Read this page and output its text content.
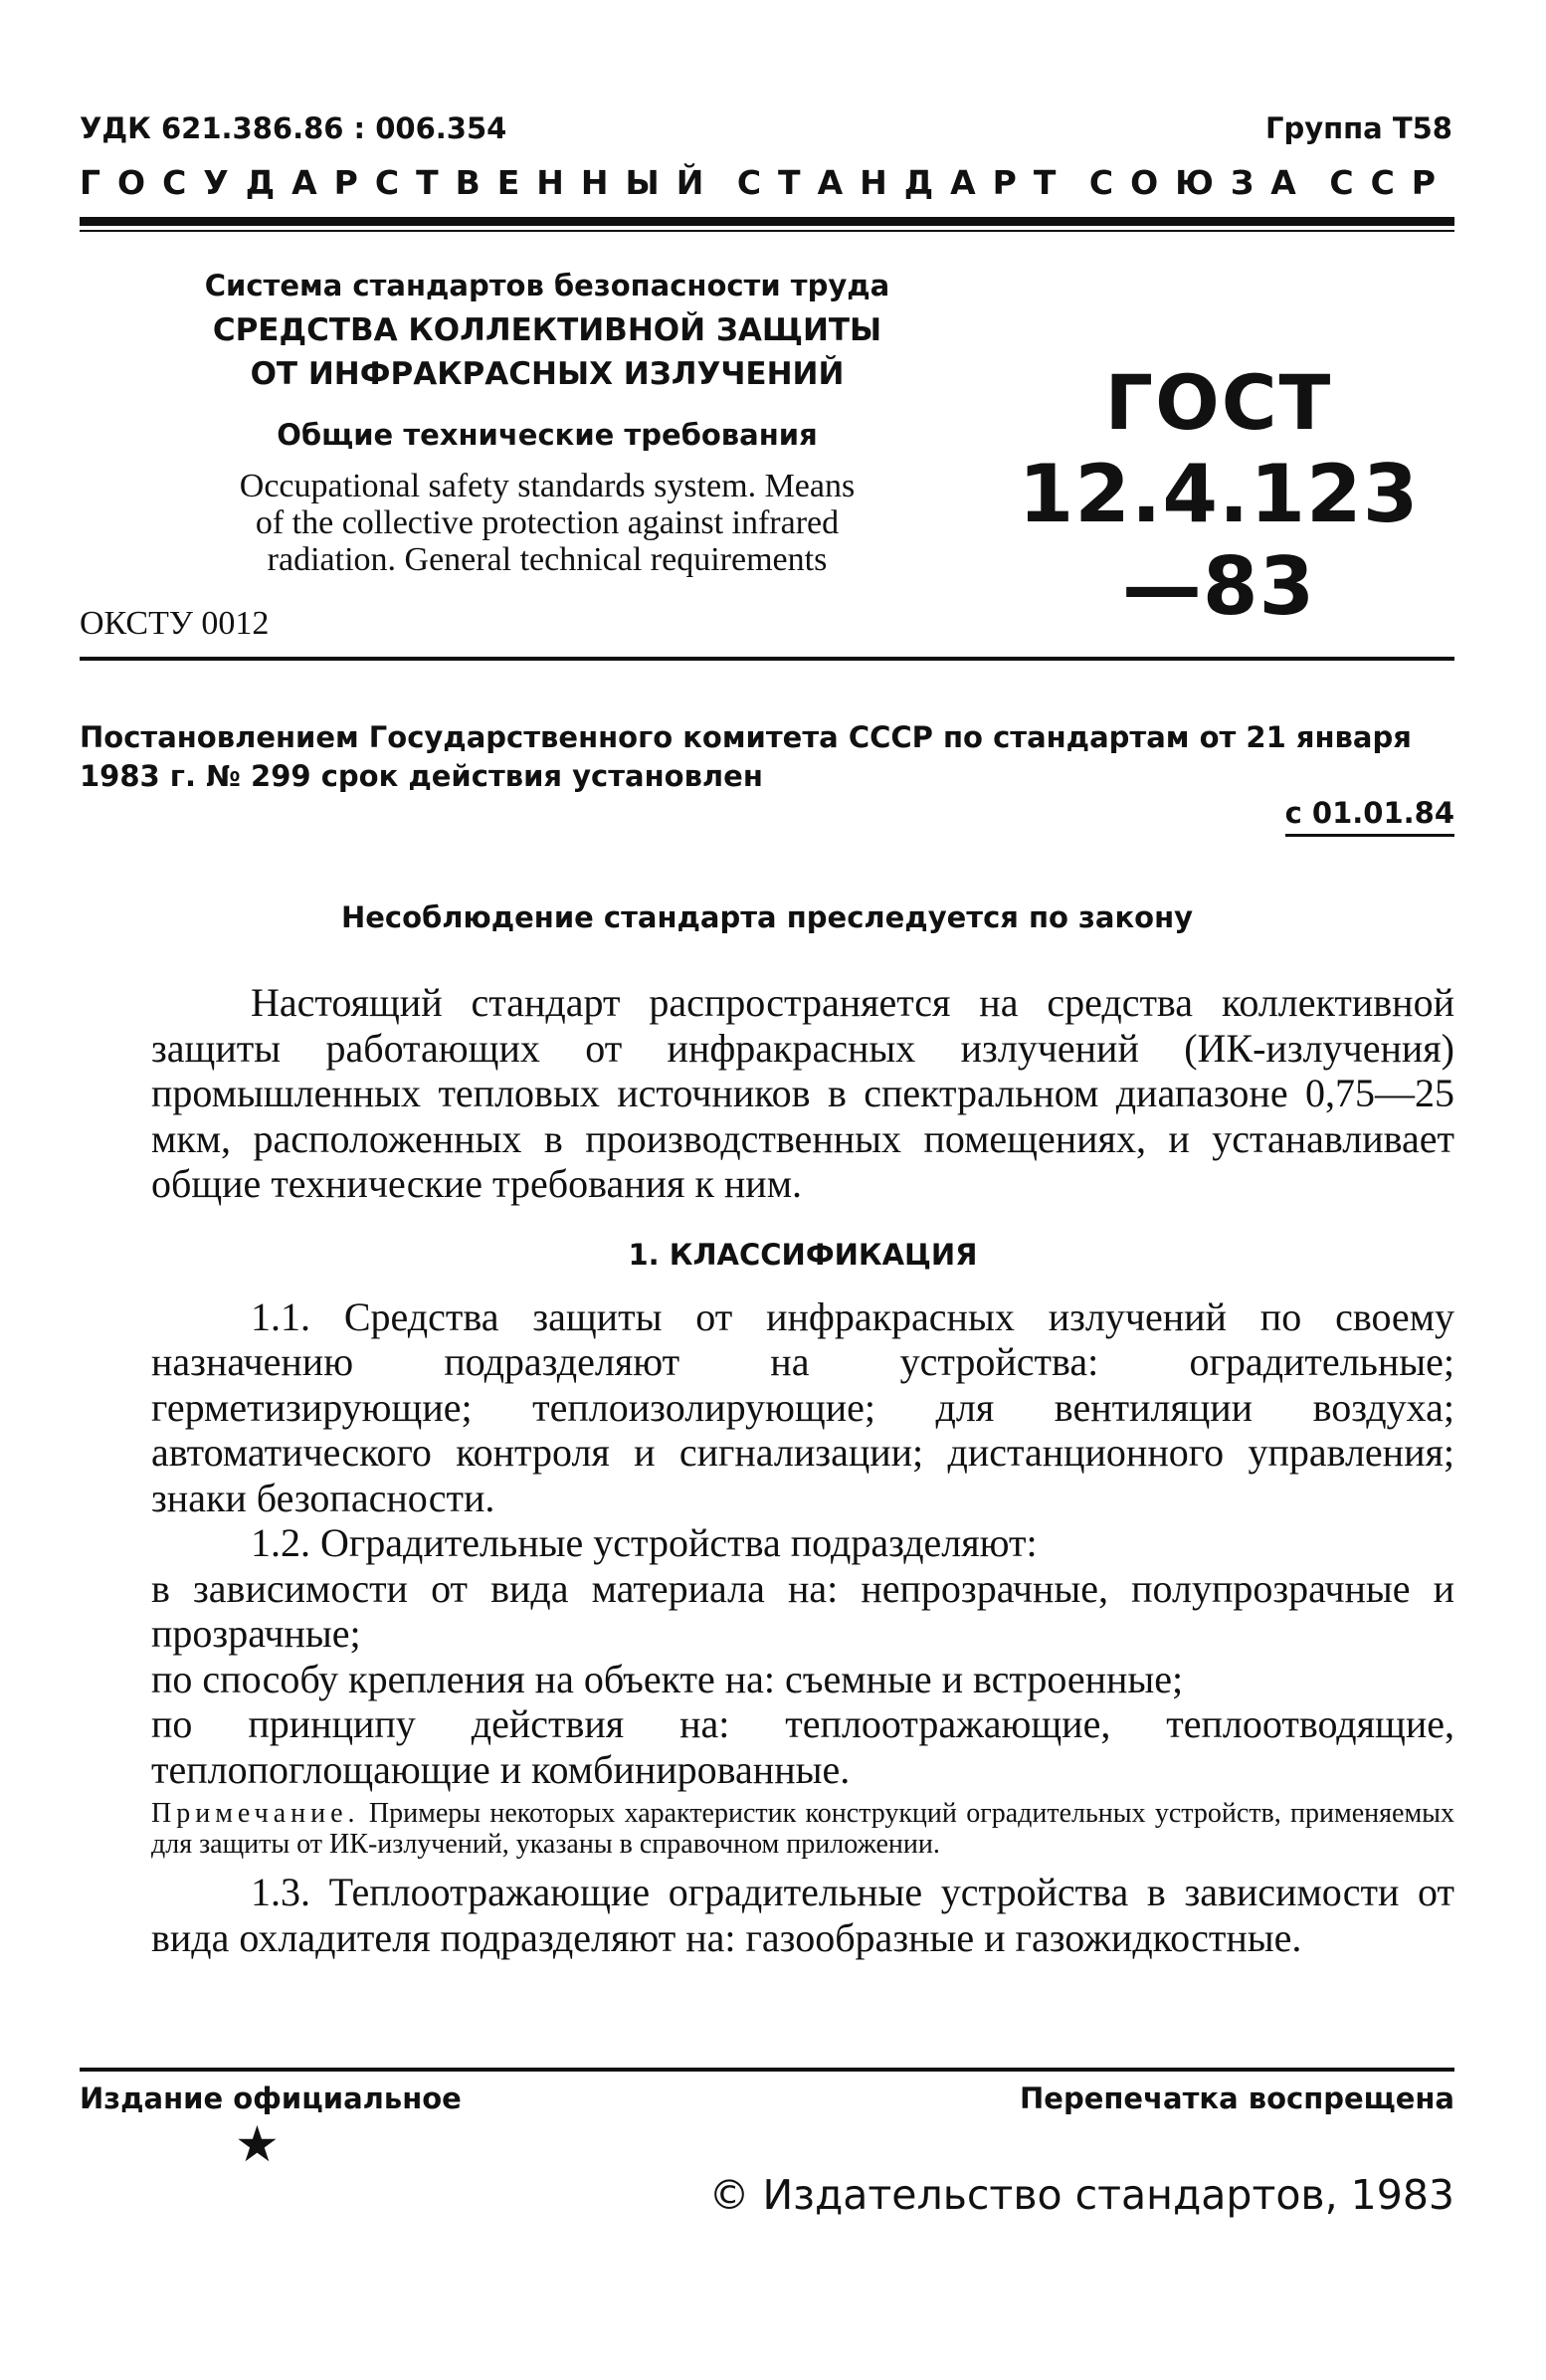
УДК 621.386.86 : 006.354	Группа Т58
ГОСУДАРСТВЕННЫЙ СТАНДАРТ СОЮЗА ССР

Система стандартов безопасности труда

СРЕДСТВА КОЛЛЕКТИВНОЙ ЗАЩИТЫ

ОТ ИНФРАКРАСНЫХ ИЗЛУЧЕНИЙ

Общие технические требования

Occupational safety standards system. Means

of the collective protection against infrared

radiation. General technical requirements

ГОСТ
12.4.123—83
ОКСТУ 0012
Постановлением Государственного комитета СССР по стандартам от 21 января
1983 г. № 299 срок действия установлен
с 01.01.84
Несоблюдение стандарта преследуется по закону

Настоящий стандарт распространяется на средства коллективной защиты работающих от инфракрасных излучений (ИК-излучения) промышленных тепловых источников в спектральном диапазоне 0,75—25 мкм, расположенных в производственных помещениях, и устанавливает общие технические требования к ним.

1. КЛАССИФИКАЦИЯ

1.1. Средства защиты от инфракрасных излучений по своему назначению подразделяют на устройства: оградительные; герметизирующие; теплоизолирующие; для вентиляции воздуха; автоматического контроля и сигнализации; дистанционного управления; знаки безопасности.

1.2. Оградительные устройства подразделяют:

в зависимости от вида материала на: непрозрачные, полупрозрачные и прозрачные;

по способу крепления на объекте на: съемные и встроенные;

по принципу действия на: теплоотражающие, теплоотводящие, теплопоглощающие и комбинированные.

Примечание. Примеры некоторых характеристик конструкций оградительных устройств, применяемых для защиты от ИК-излучений, указаны в справочном приложении.

1.3. Теплоотражающие оградительные устройства в зависимости от вида охладителя подразделяют на: газообразные и газожидкостные.

Издание официальное	Перепечатка воспрещена
★
© Издательство стандартов, 1983
